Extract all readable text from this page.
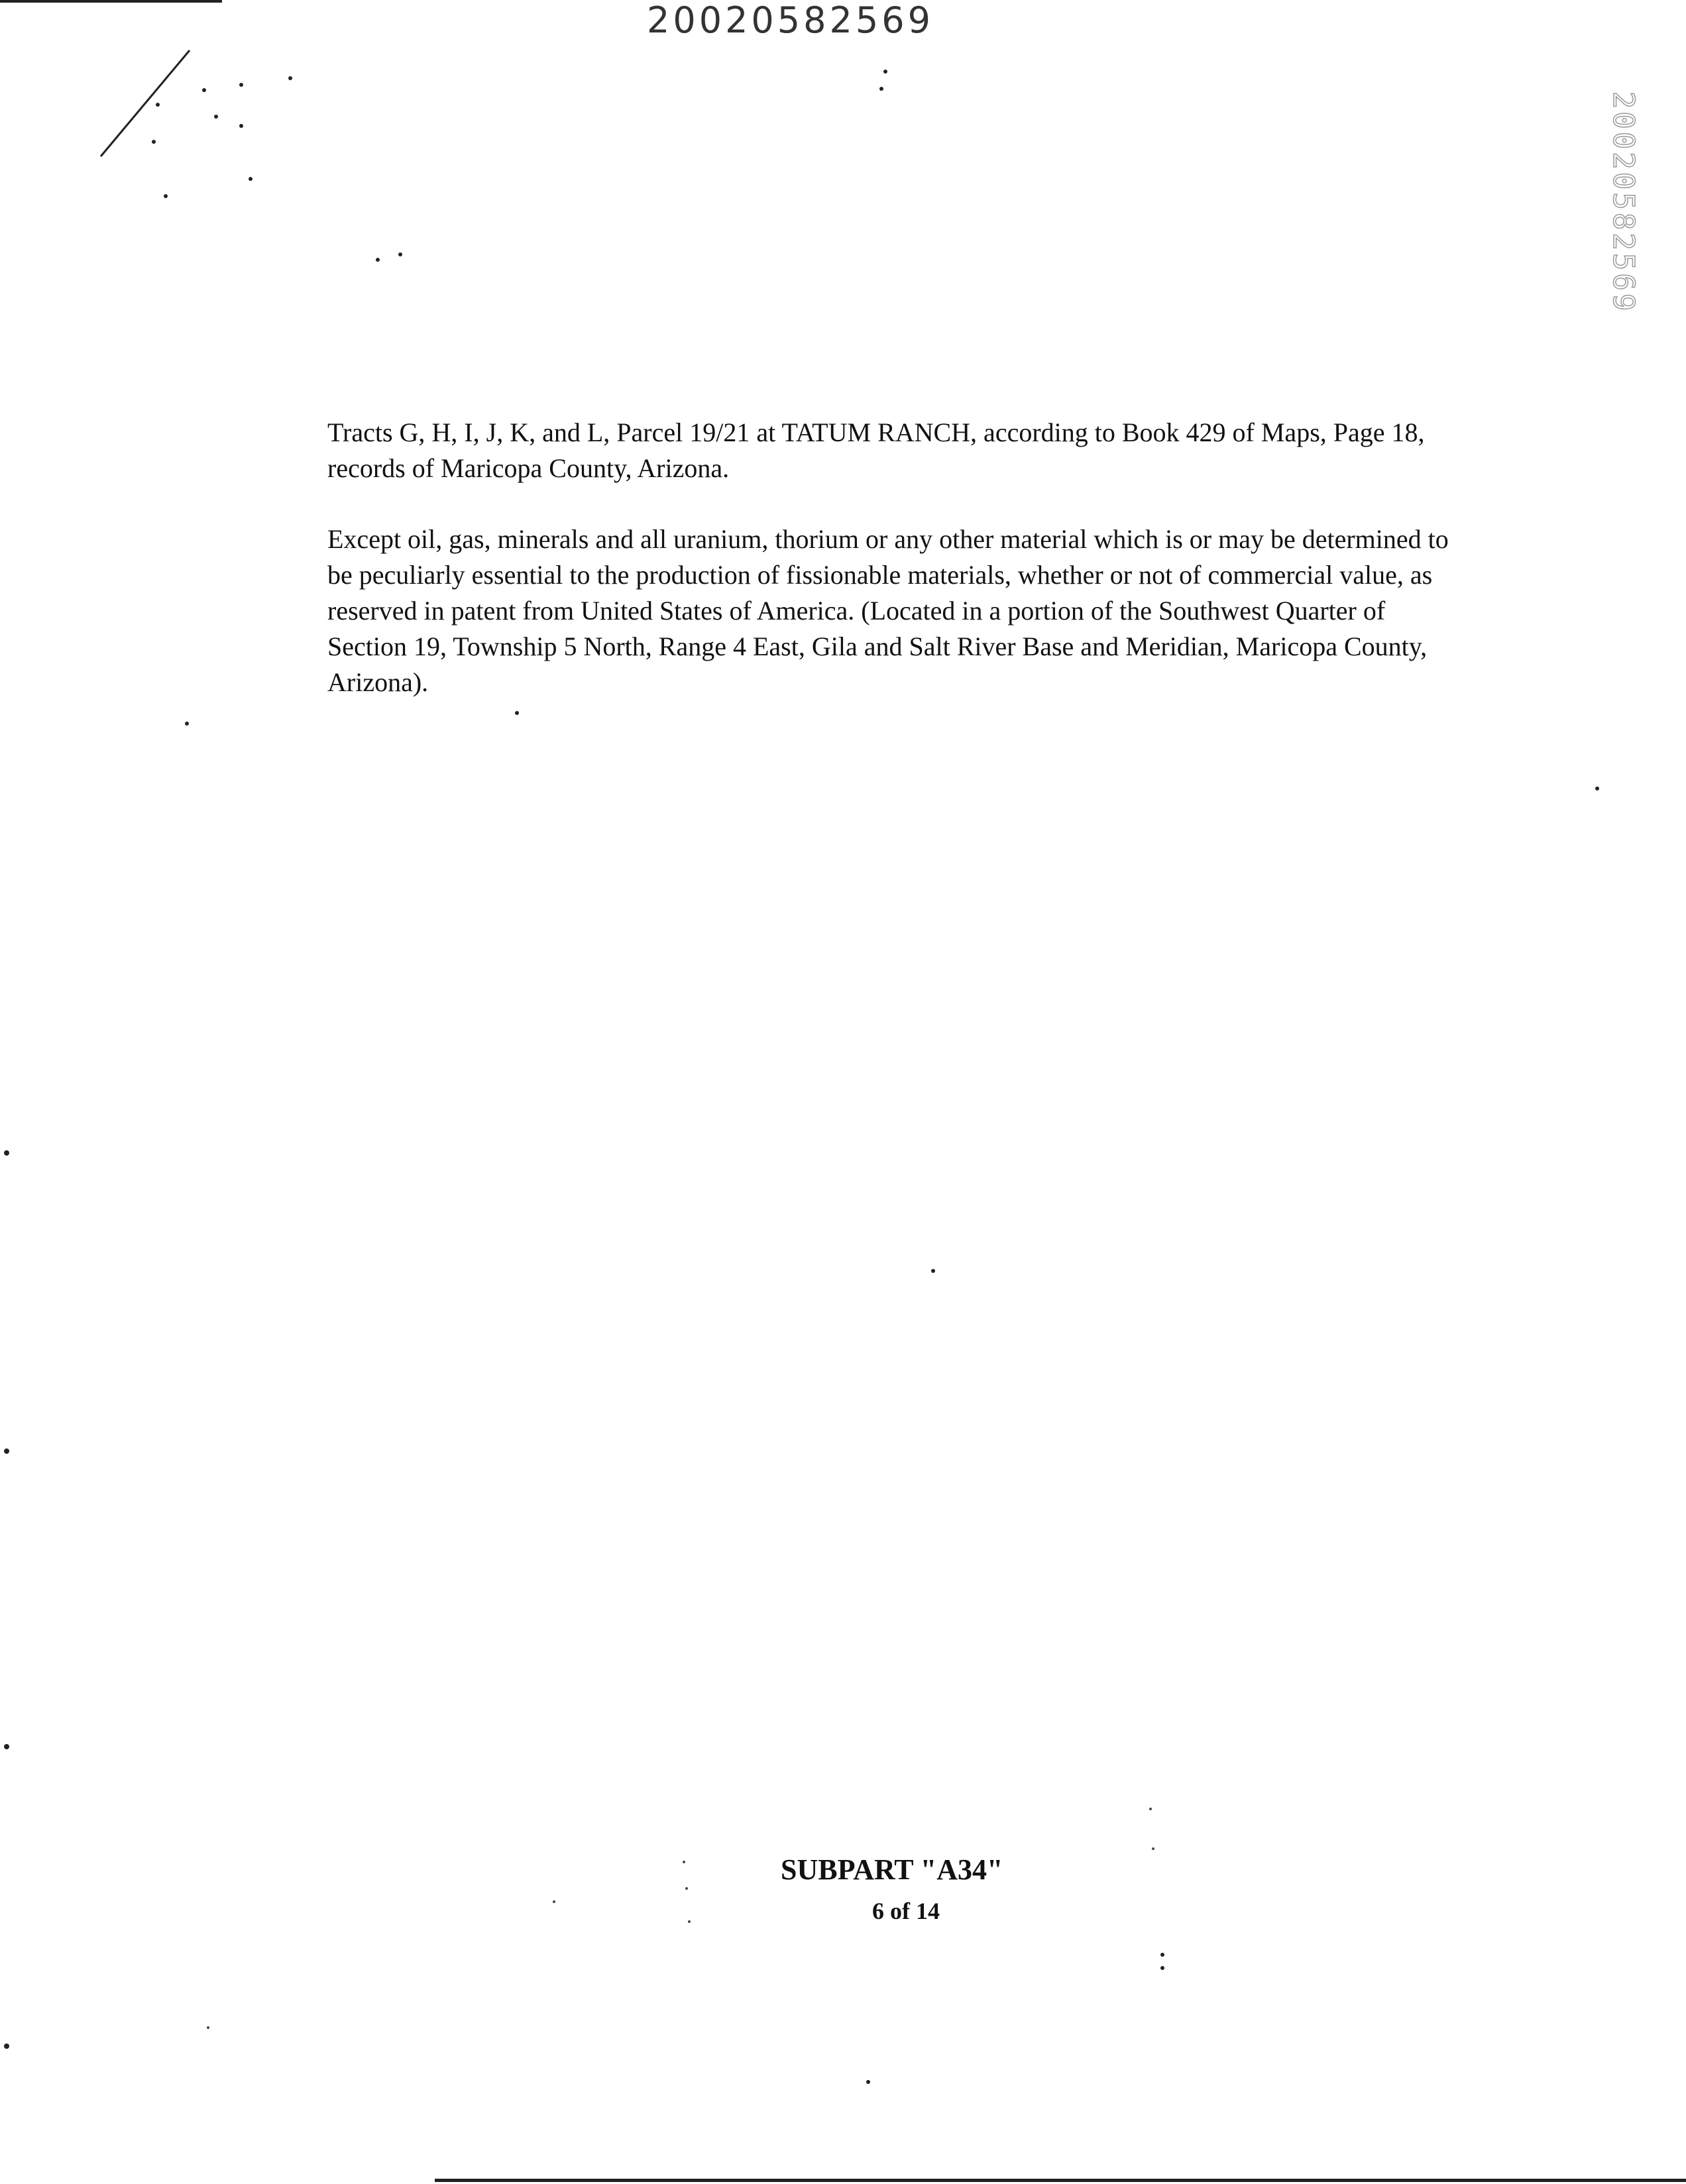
20020582569
20020582569

Tracts G, H, I, J, K, and L, Parcel 19/21 at TATUM RANCH, according to Book 429 of Maps, Page 18, records of Maricopa County, Arizona.

Except oil, gas, minerals and all uranium, thorium or any other material which is or may be determined to be peculiarly essential to the production of fissionable materials, whether or not of commercial value, as reserved in patent from United States of America. (Located in a portion of the Southwest Quarter of Section 19, Township 5 North, Range 4 East, Gila and Salt River Base and Meridian, Maricopa County, Arizona).

SUBPART "A34"
6 of 14
